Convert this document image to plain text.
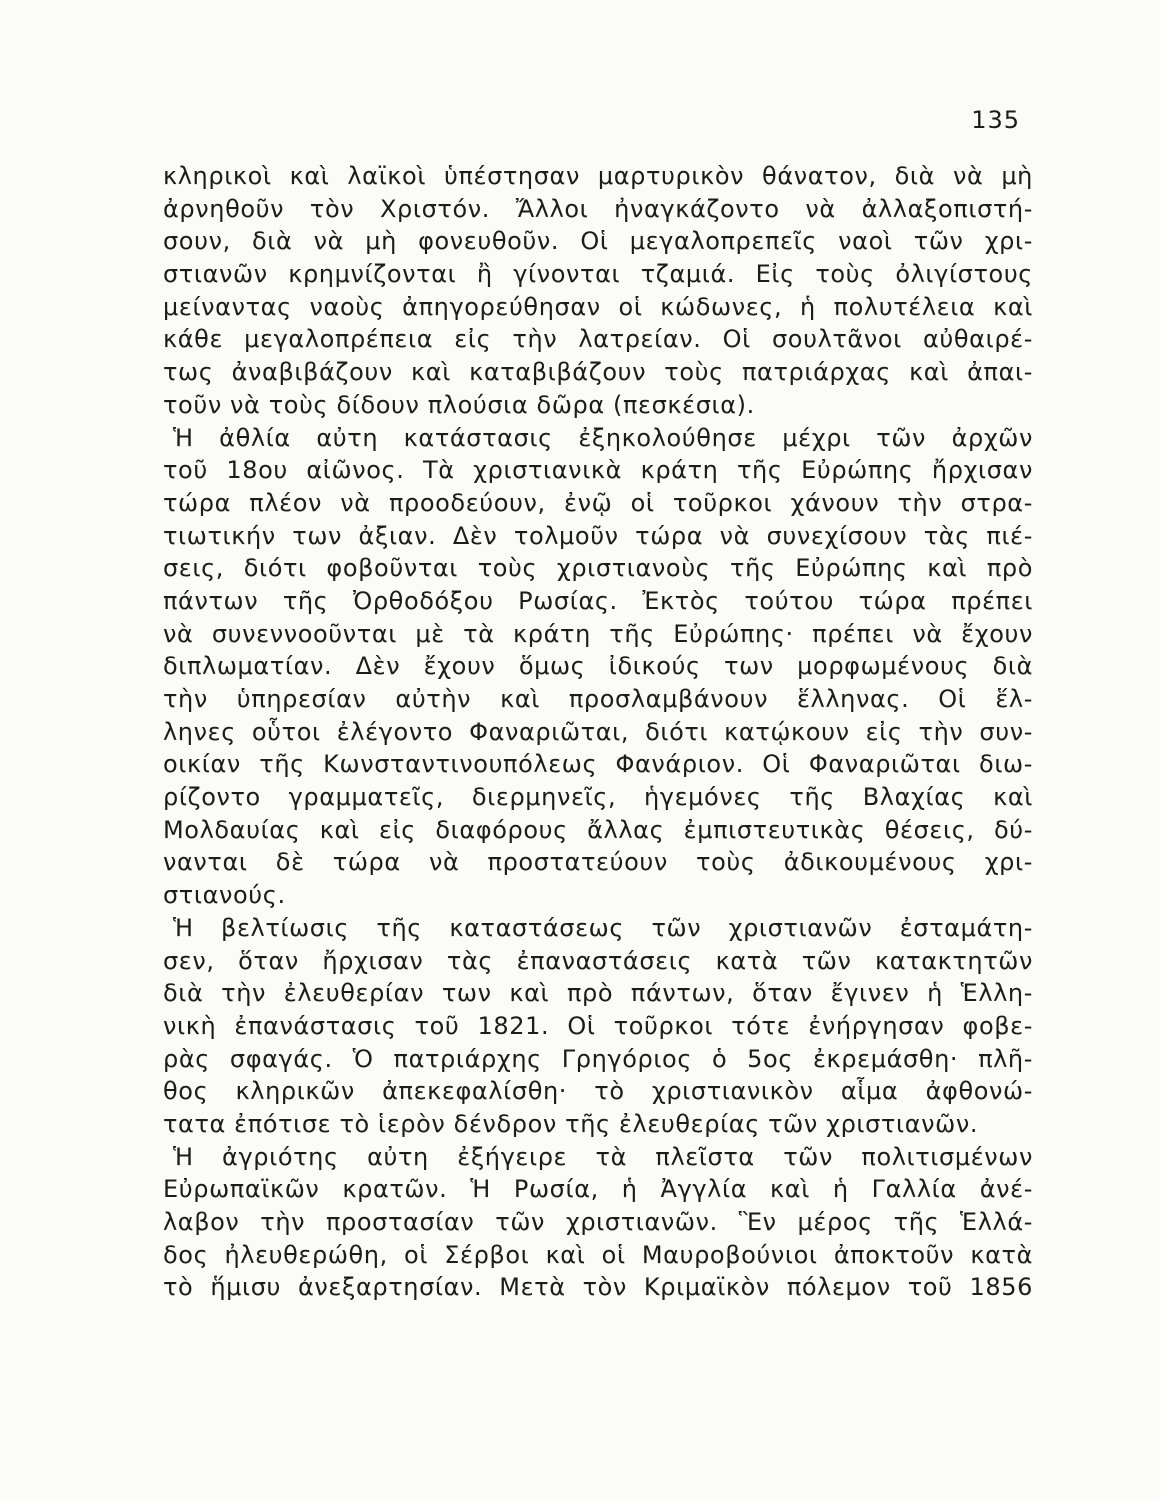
135
κληρικοὶ καὶ λαϊκοὶ ὑπέστησαν μαρτυρικὸν θάνατον, διὰ νὰ μὴ
ἀρνηθοῦν τὸν Χριστόν. Ἄλλοι ἠναγκάζοντο νὰ ἀλλαξοπιστή-
σουν, διὰ νὰ μὴ φονευθοῦν. Οἱ μεγαλοπρεπεῖς ναοὶ τῶν χρι-
στιανῶν κρημνίζονται ἢ γίνονται τζαμιά. Εἰς τοὺς ὀλιγίστους
μείναντας ναοὺς ἀπηγορεύθησαν οἱ κώδωνες, ἡ πολυτέλεια καὶ
κάθε μεγαλοπρέπεια εἰς τὴν λατρείαν. Οἱ σουλτᾶνοι αὐθαιρέ-
τως ἀναβιβάζουν καὶ καταβιβάζουν τοὺς πατριάρχας καὶ ἀπαι-
τοῦν νὰ τοὺς δίδουν πλούσια δῶρα (πεσκέσια).
Ἡ ἀθλία αὐτη κατάστασις ἐξηκολούθησε μέχρι τῶν ἀρχῶν
τοῦ 18ου αἰῶνος. Τὰ χριστιανικὰ κράτη τῆς Εὐρώπης ἤρχισαν
τώρα πλέον νὰ προοδεύουν, ἐνῷ οἱ τοῦρκοι χάνουν τὴν στρα-
τιωτικήν των ἀξιαν. Δὲν τολμοῦν τώρα νὰ συνεχίσουν τὰς πιέ-
σεις, διότι φοβοῦνται τοὺς χριστιανοὺς τῆς Εὐρώπης καὶ πρὸ
πάντων τῆς Ὀρθοδόξου Ρωσίας. Ἐκτὸς τούτου τώρα πρέπει
νὰ συνεννοοῦνται μὲ τὰ κράτη τῆς Εὐρώπης· πρέπει νὰ ἔχουν
διπλωματίαν. Δὲν ἔχουν ὅμως ἰδικούς των μορφωμένους διὰ
τὴν ὑπηρεσίαν αὐτὴν καὶ προσλαμβάνουν ἕλληνας. Οἱ ἕλ-
ληνες οὗτοι ἐλέγοντο Φαναριῶται, διότι κατῴκουν εἰς τὴν συν-
οικίαν τῆς Κωνσταντινουπόλεως Φανάριον. Οἱ Φαναριῶται διω-
ρίζοντο γραμματεῖς, διερμηνεῖς, ἡγεμόνες τῆς Βλαχίας καὶ
Μολδαυίας καὶ εἰς διαφόρους ἄλλας ἐμπιστευτικὰς θέσεις, δύ-
νανται δὲ τώρα νὰ προστατεύουν τοὺς ἀδικουμένους χρι-
στιανούς.
Ἡ βελτίωσις τῆς καταστάσεως τῶν χριστιανῶν ἐσταμάτη-
σεν, ὅταν ἤρχισαν τὰς ἐπαναστάσεις κατὰ τῶν κατακτητῶν
διὰ τὴν ἐλευθερίαν των καὶ πρὸ πάντων, ὅταν ἔγινεν ἡ Ἑλλη-
νικὴ ἐπανάστασις τοῦ 1821. Οἱ τοῦρκοι τότε ἐνήργησαν φοβε-
ρὰς σφαγάς. Ὁ πατριάρχης Γρηγόριος ὁ 5ος ἐκρεμάσθη· πλῆ-
θος κληρικῶν ἀπεκεφαλίσθη· τὸ χριστιανικὸν αἷμα ἀφθονώ-
τατα ἐπότισε τὸ ἱερὸν δένδρον τῆς ἐλευθερίας τῶν χριστιανῶν.
Ἡ ἀγριότης αὐτη ἐξήγειρε τὰ πλεῖστα τῶν πολιτισμένων
Εὐρωπαϊκῶν κρατῶν. Ἡ Ρωσία, ἡ Ἀγγλία καὶ ἡ Γαλλία ἀνέ-
λαβον τὴν προστασίαν τῶν χριστιανῶν. Ἓν μέρος τῆς Ἑλλά-
δος ἠλευθερώθη, οἱ Σέρβοι καὶ οἱ Μαυροβούνιοι ἀποκτοῦν κατὰ
τὸ ἥμισυ ἀνεξαρτησίαν. Μετὰ τὸν Κριμαϊκὸν πόλεμον τοῦ 1856
